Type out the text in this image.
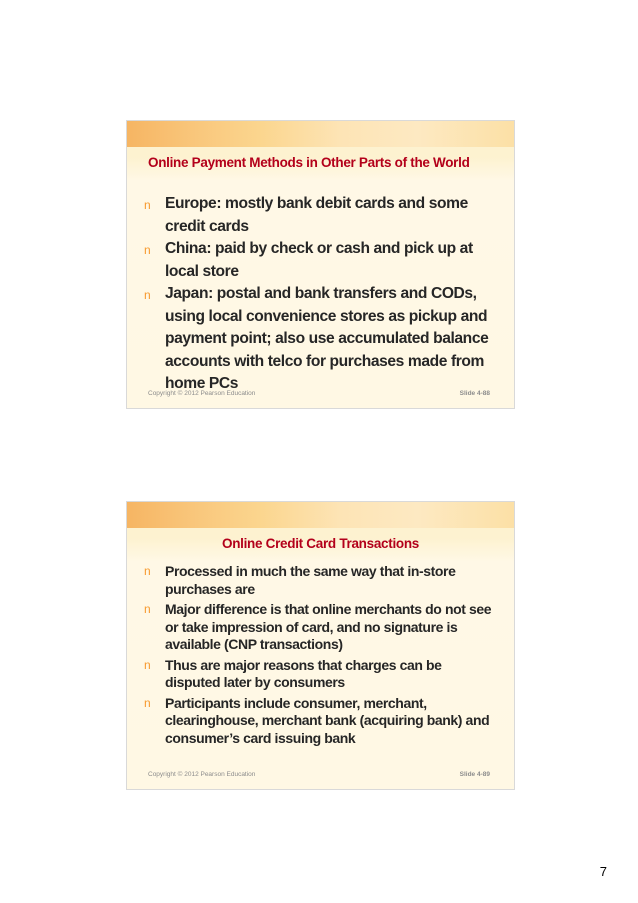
Online Payment Methods in Other Parts of the World
n Europe: mostly bank debit cards and some credit cards
n China: paid by check or cash and pick up at local store
n Japan: postal and bank transfers and CODs, using local convenience stores as pickup and payment point; also use accumulated balance accounts with telco for purchases made from home PCs
Copyright © 2012 Pearson Education	Slide 4-88
Online Credit Card Transactions
n Processed in much the same way that in-store purchases are
n Major difference is that online merchants do not see or take impression of card, and no signature is available (CNP transactions)
n Thus are major reasons that charges can be disputed later by consumers
n Participants include consumer, merchant, clearinghouse, merchant bank (acquiring bank) and consumer’s card issuing bank
Copyright © 2012 Pearson Education	Slide 4-89
7
